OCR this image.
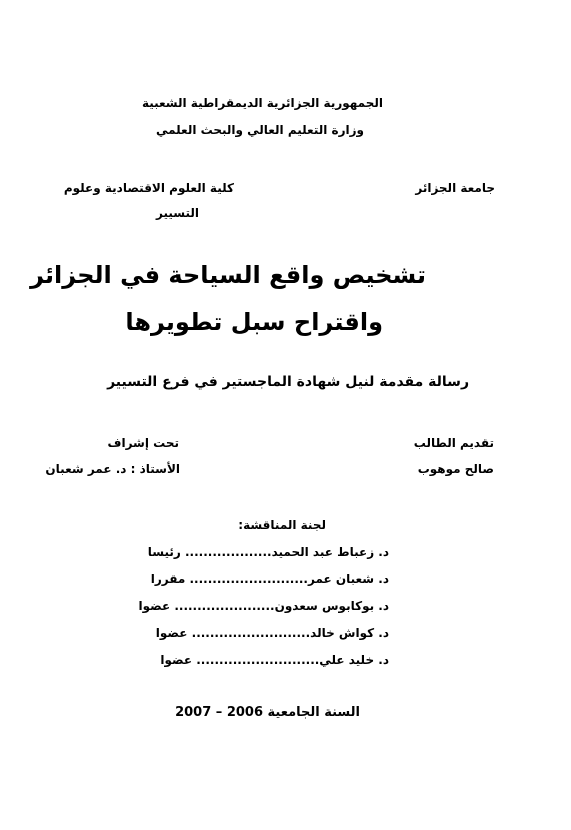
الجمهورية الجزائرية الديمقراطية الشعبية
وزارة التعليم العالي والبحث العلمي
جامعة الجزائر
كلية العلوم الاقتصادية وعلوم
التسيير
تشخيص واقع السياحة في الجزائر
واقتراح سبل تطويرها
رسالة مقدمة لنيل شهادة الماجستير في فرع التسيير
تقديم الطالب
صالح موهوب
تحت إشراف
الأستاذ : د. عمر شعبان
لجنة المناقشة:
د. زعباط عبد الحميد................... رئيسا
د. شعبان عمر.......................... مقررا
د. بوكابوس سعدون...................... عضوا
د. كواش خالد.......................... عضوا
د. خليد علي........................... عضوا
السنة الجامعية 2006 – 2007
